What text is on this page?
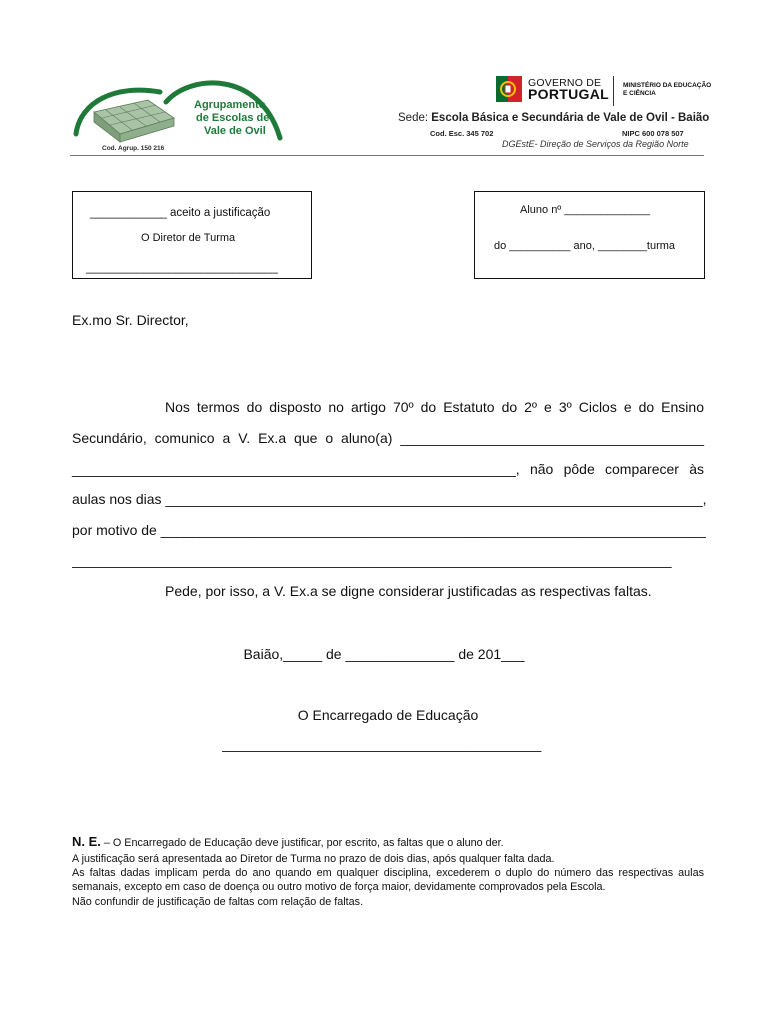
Agrupamento
de Escolas de
Vale de Ovil
Cod. Agrup. 150 216
GOVERNO DE
PORTUGAL
MINISTÉRIO DA EDUCAÇÃO
E CIÊNCIA
Sede: Escola Básica e Secundária de Vale de Ovil - Baião
Cod. Esc. 345 702	NIPC 600 078 507
DGEstE- Direção de Serviços da Região Norte
____________ aceito a justificação
O Diretor de Turma
______________________________
Aluno nº ______________
do __________ ano, ________turma
Ex.mo Sr. Director,
Nos termos do disposto no artigo 70º do Estatuto do 2º e 3º Ciclos e do Ensino
Secundário, comunico a V. Ex.a que o aluno(a) _______________________________________
_________________________________________________________, não pôde comparecer às
aulas nos dias _____________________________________________________________________,
por motivo de ______________________________________________________________________
_____________________________________________________________________________
Pede, por isso, a V. Ex.a se digne considerar justificadas as respectivas faltas.
Baião,_____ de ______________ de 201___
O Encarregado de Educação
_________________________________________
N. E. – O Encarregado de Educação deve justificar, por escrito, as faltas que o aluno der.
A justificação será apresentada ao Diretor de Turma no prazo de dois dias, após qualquer falta dada.
As faltas dadas implicam perda do ano quando em qualquer disciplina, excederem o duplo do número das respectivas aulas semanais, excepto em caso de doença ou outro motivo de força maior, devidamente comprovados pela Escola.
Não confundir de justificação de faltas com relação de faltas.
